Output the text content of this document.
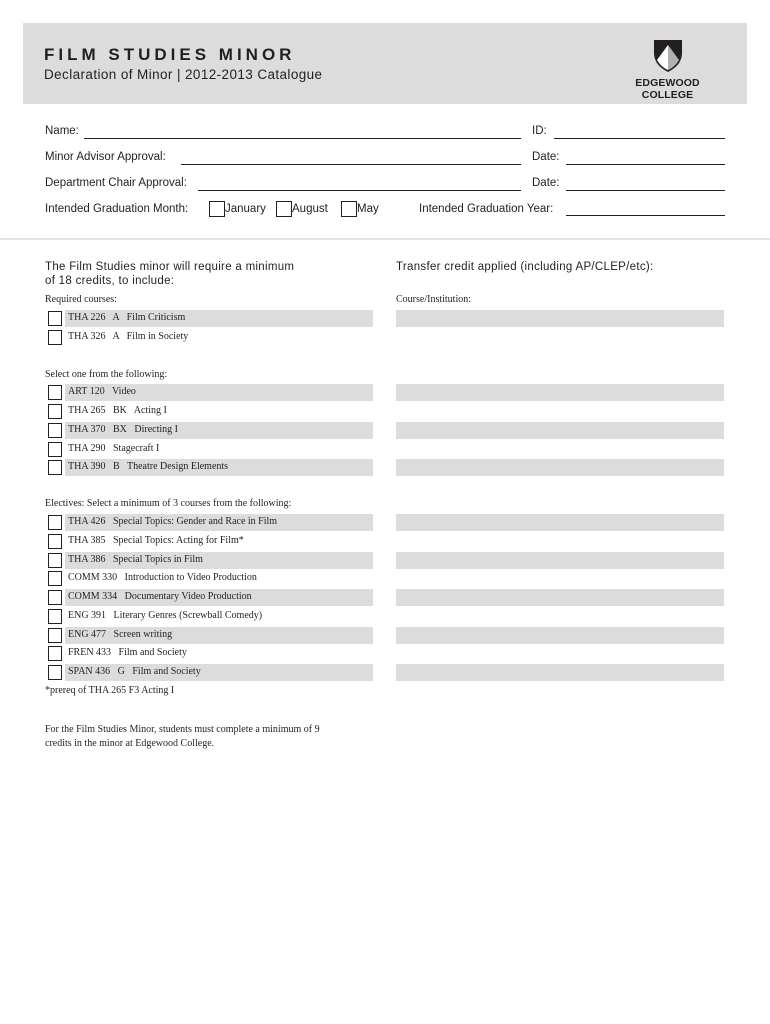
FILM STUDIES MINOR
Declaration of Minor | 2012-2013 Catalogue
EDGEWOOD COLLEGE
Name:	ID:
Minor Advisor Approval:	Date:
Department Chair Approval:	Date:
Intended Graduation Month:	January	August	May	Intended Graduation Year:
The Film Studies minor will require a minimum
of 18 credits, to include:
Required courses:
Transfer credit applied (including AP/CLEP/etc):
Course/Institution:
THA 226   A   Film Criticism
THA 326   A   Film in Society
Select one from the following:
ART 120   Video
THA 265   BK   Acting I
THA 370   BX   Directing I
THA 290   Stagecraft I
THA 390   B   Theatre Design Elements
Electives: Select a minimum of 3 courses from the following:
THA 426   Special Topics: Gender and Race in Film
THA 385   Special Topics: Acting for Film*
THA 386   Special Topics in Film
COMM 330   Introduction to Video Production
COMM 334   Documentary Video Production
ENG 391   Literary Genres (Screwball Comedy)
ENG 477   Screen writing
FREN 433   Film and Society
SPAN 436   G   Film and Society
*prereq of THA 265 F3 Acting I
For the Film Studies Minor, students must complete a minimum of 9
credits in the minor at Edgewood College.
